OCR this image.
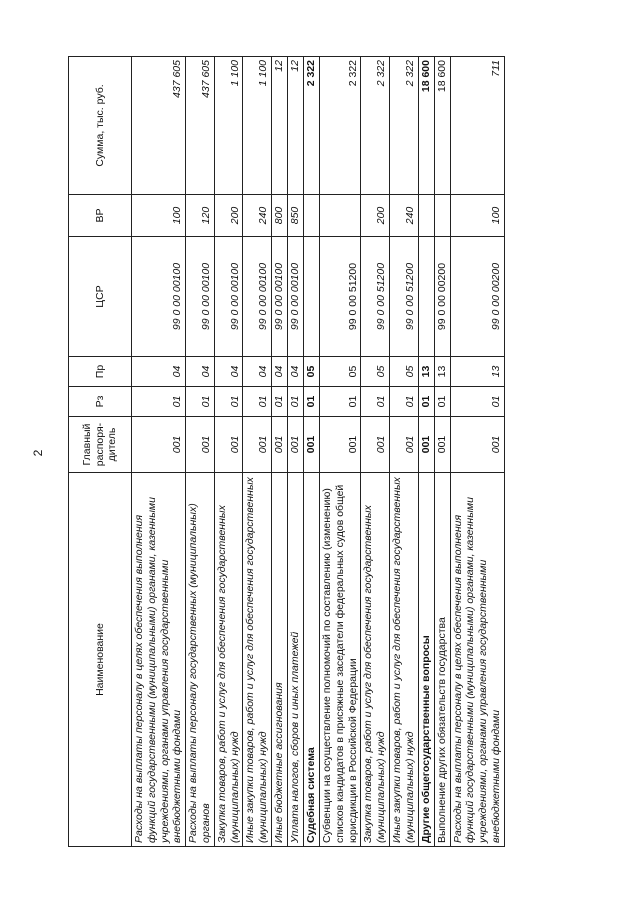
2
Наименование	Главный распоря-дитель	Рз	Пр	ЦСР	ВР	Сумма, тыс. руб.
Расходы на выплаты персоналу в целях обеспечения выполнения функций государственными (муниципальными) органами, казенными учреждениями, органами управления государственными внебюджетными фондами	001	01	04	99 0 00 00100	100	437 605
Расходы на выплаты персоналу государственных (муниципальных) органов	001	01	04	99 0 00 00100	120	437 605
Закупка товаров, работ и услуг для обеспечения государственных (муниципальных) нужд	001	01	04	99 0 00 00100	200	1 100
Иные закупки товаров, работ и услуг для обеспечения государственных (муниципальных) нужд	001	01	04	99 0 00 00100	240	1 100
Иные бюджетные ассигнования	001	01	04	99 0 00 00100	800	12
Уплата налогов, сборов и иных платежей	001	01	04	99 0 00 00100	850	12
Судебная система	001	01	05			2 322
Субвенции на осуществление полномочий по составлению (изменению) списков кандидатов в присяжные заседатели федеральных судов общей юрисдикции в Российской Федерации	001	01	05	99 0 00 51200		2 322
Закупка товаров, работ и услуг для обеспечения государственных (муниципальных) нужд	001	01	05	99 0 00 51200	200	2 322
Иные закупки товаров, работ и услуг для обеспечения государственных (муниципальных) нужд	001	01	05	99 0 00 51200	240	2 322
Другие общегосударственные вопросы	001	01	13			18 600
Выполнение других обязательств государства	001	01	13	99 0 00 00200		18 600
Расходы на выплаты персоналу в целях обеспечения выполнения функций государственными (муниципальными) органами, казенными учреждениями, органами управления государственными внебюджетными фондами	001	01	13	99 0 00 00200	100	711
